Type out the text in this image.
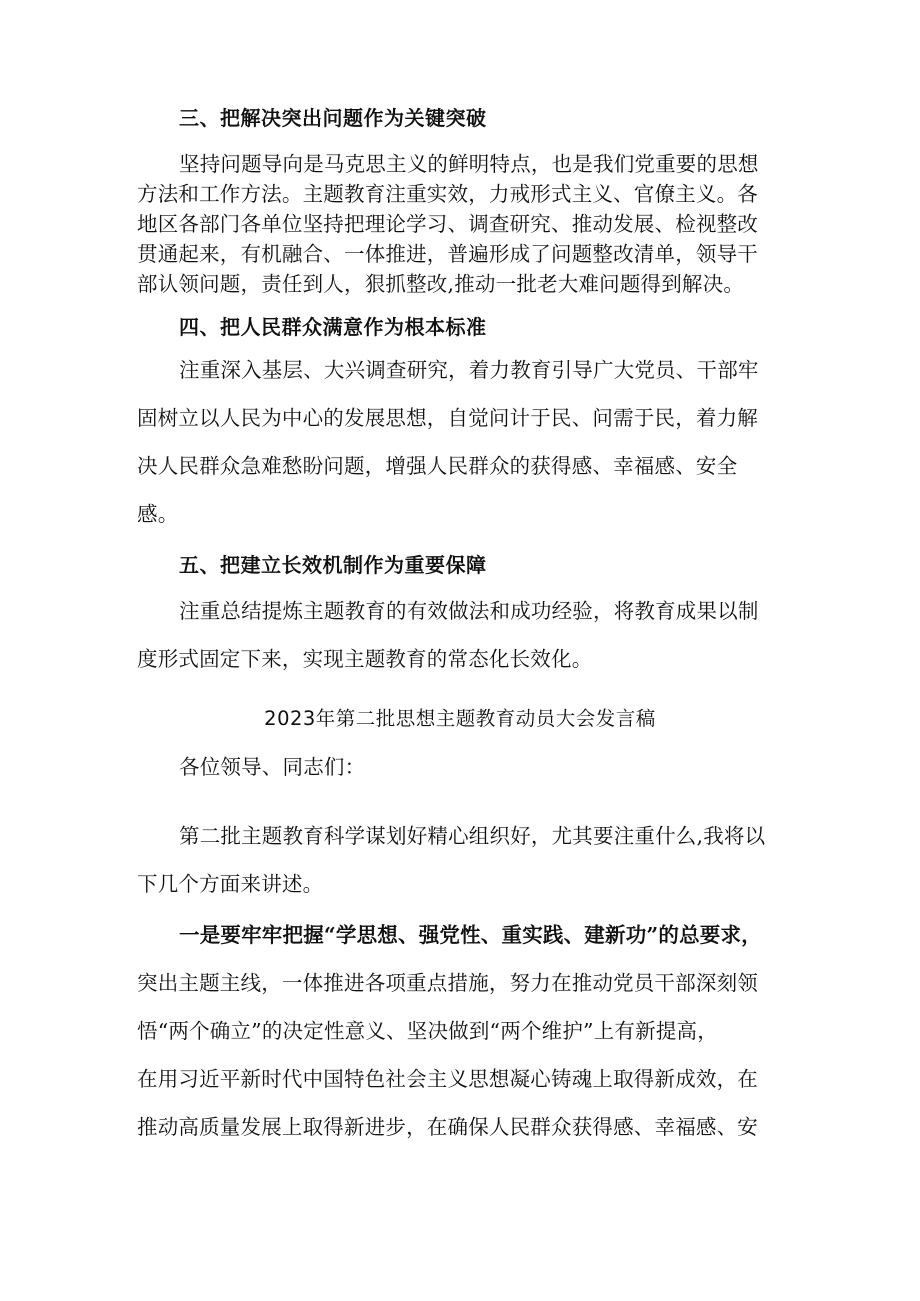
三、把解决突出问题作为关键突破
坚持问题导向是马克思主义的鲜明特点，也是我们党重要的思想
方法和工作方法。主题教育注重实效，力戒形式主义、官僚主义。各
地区各部门各单位坚持把理论学习、调查研究、推动发展、检视整改
贯通起来，有机融合、一体推进，普遍形成了问题整改清单，领导干
部认领问题，责任到人，狠抓整改,推动一批老大难问题得到解决。
四、把人民群众满意作为根本标准
注重深入基层、大兴调查研究，着力教育引导广大党员、干部牢
固树立以人民为中心的发展思想，自觉问计于民、问需于民，着力解
决人民群众急难愁盼问题，增强人民群众的获得感、幸福感、安全
感。
五、把建立长效机制作为重要保障
注重总结提炼主题教育的有效做法和成功经验，将教育成果以制
度形式固定下来，实现主题教育的常态化长效化。
2023年第二批思想主题教育动员大会发言稿
各位领导、同志们：
第二批主题教育科学谋划好精心组织好，尤其要注重什么,我将以
下几个方面来讲述。
一是要牢牢把握“学思想、强党性、重实践、建新功”的总要求，
突出主题主线，一体推进各项重点措施，努力在推动党员干部深刻领
悟“两个确立”的决定性意义、坚决做到“两个维护”上有新提高，
在用习近平新时代中国特色社会主义思想凝心铸魂上取得新成效，在
推动高质量发展上取得新进步，在确保人民群众获得感、幸福感、安
